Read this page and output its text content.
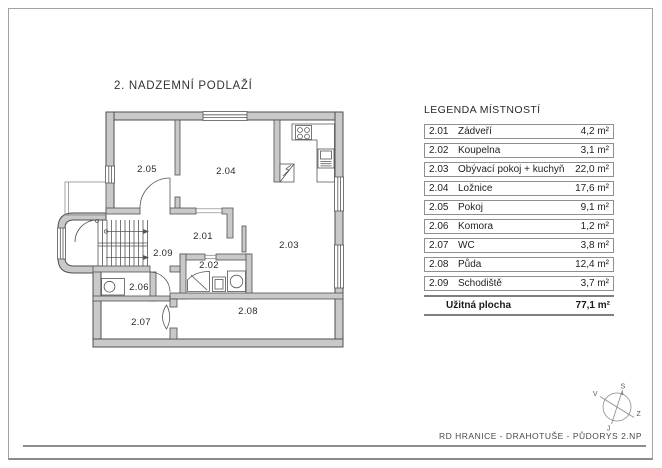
2. NADZEMNÍ PODLAŽÍ
2.01
2.02
2.03
2.04
2.05
2.06
2.07
2.08
2.09
S
J
V
Z
LEGENDA MÍSTNOSTÍ
2.01 Zádveří	4,2 m²
2.02 Koupelna	3,1 m²
2.03 Obývací pokoj + kuchyň	22,0 m²
2.04 Ložnice	17,6 m²
2.05 Pokoj	9,1 m²
2.06 Komora	1,2 m²
2.07 WC	3,8 m²
2.08 Půda	12,4 m²
2.09 Schodiště	3,7 m²
Užitná plocha	77,1 m²
RD HRANICE - DRAHOTUŠE - PŮDORYS 2.NP
